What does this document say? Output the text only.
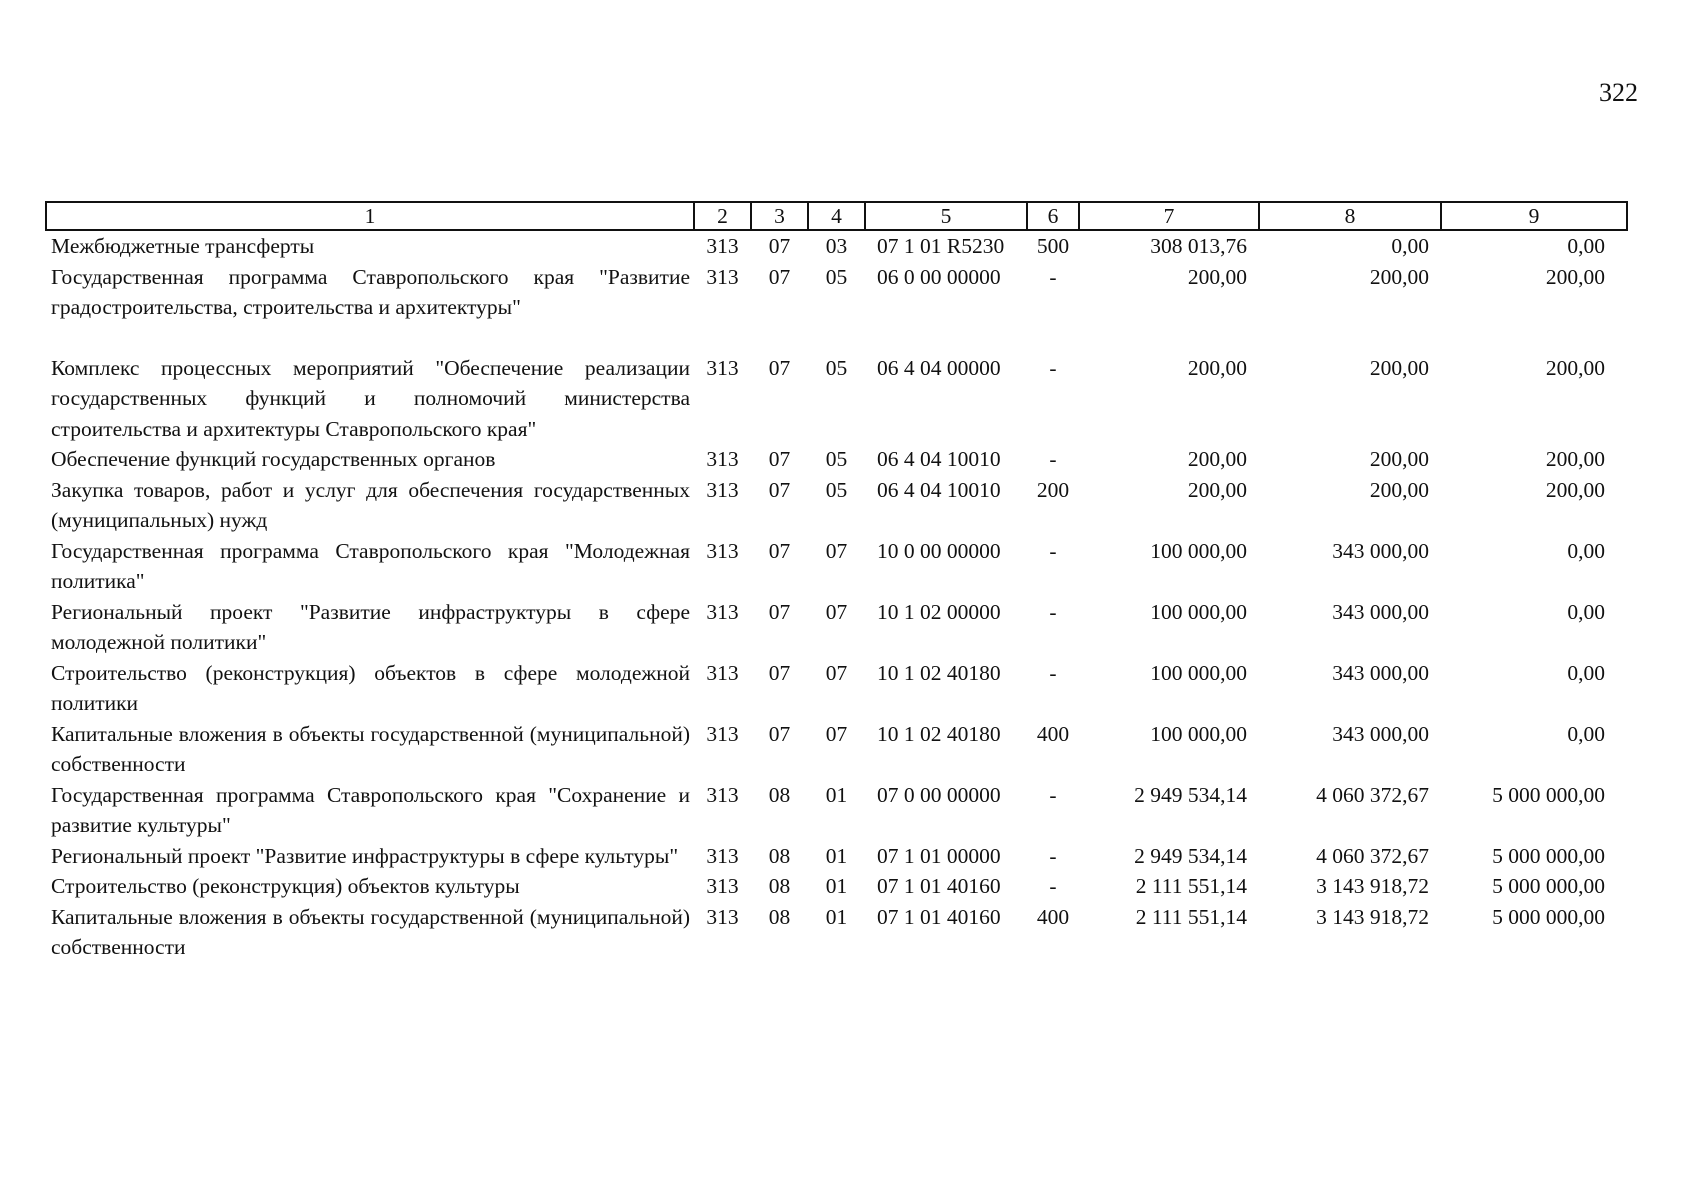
322
1	2	3	4	5	6	7	8	9
Межбюджетные трансферты	313	07	03	07 1 01 R5230	500	308 013,76	0,00	0,00
Государственная программа Ставропольского края "Развитие градостроительства, строительства и архитектуры"	313	07	05	06 0 00 00000	-	200,00	200,00	200,00
Комплекс процессных мероприятий "Обеспечение реализации государственных функций и полномочий министерства строительства и архитектуры Ставропольского края"	313	07	05	06 4 04 00000	-	200,00	200,00	200,00
Обеспечение функций государственных органов	313	07	05	06 4 04 10010	-	200,00	200,00	200,00
Закупка товаров, работ и услуг для обеспечения государственных (муниципальных) нужд	313	07	05	06 4 04 10010	200	200,00	200,00	200,00
Государственная программа Ставропольского края "Молодежная политика"	313	07	07	10 0 00 00000	-	100 000,00	343 000,00	0,00
Региональный проект "Развитие инфраструктуры в сфере молодежной политики"	313	07	07	10 1 02 00000	-	100 000,00	343 000,00	0,00
Строительство (реконструкция) объектов в сфере молодежной политики	313	07	07	10 1 02 40180	-	100 000,00	343 000,00	0,00
Капитальные вложения в объекты государственной (муниципальной) собственности	313	07	07	10 1 02 40180	400	100 000,00	343 000,00	0,00
Государственная программа Ставропольского края "Сохранение и развитие культуры"	313	08	01	07 0 00 00000	-	2 949 534,14	4 060 372,67	5 000 000,00
Региональный проект "Развитие инфраструктуры в сфере культуры"	313	08	01	07 1 01 00000	-	2 949 534,14	4 060 372,67	5 000 000,00
Строительство (реконструкция) объектов культуры	313	08	01	07 1 01 40160	-	2 111 551,14	3 143 918,72	5 000 000,00
Капитальные вложения в объекты государственной (муниципальной) собственности	313	08	01	07 1 01 40160	400	2 111 551,14	3 143 918,72	5 000 000,00
